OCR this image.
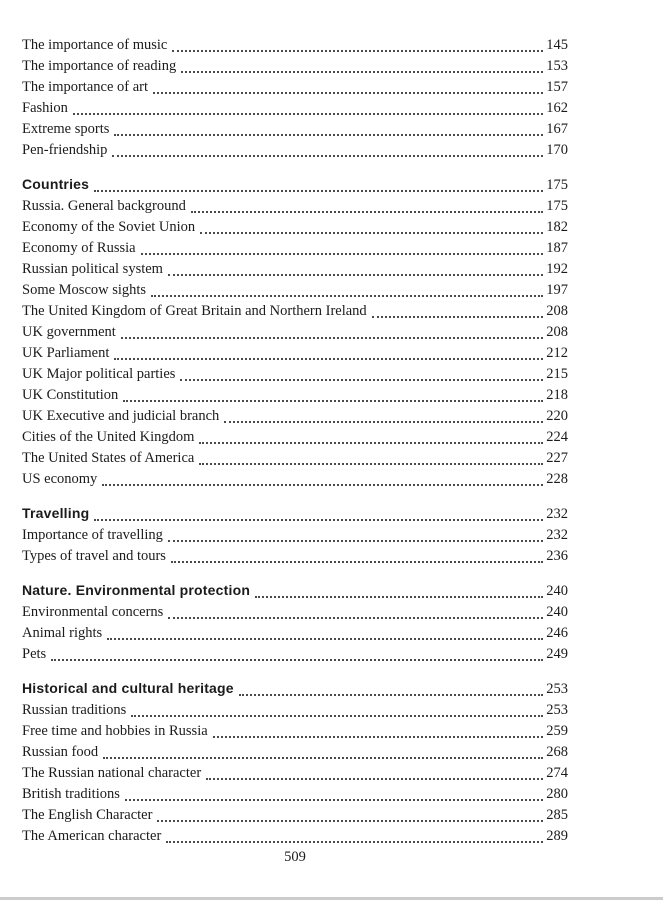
The importance of music	145
The importance of reading	153
The importance of art	157
Fashion	162
Extreme sports	167
Pen-friendship	170
Countries	175
Russia. General background	175
Economy of the Soviet Union	182
Economy of Russia	187
Russian political system	192
Some Moscow sights	197
The United Kingdom of Great Britain and Northern Ireland	208
UK government	208
UK Parliament	212
UK Major political parties	215
UK Constitution	218
UK Executive and judicial branch	220
Cities of the United Kingdom	224
The United States of America	227
US economy	228
Travelling	232
Importance of travelling	232
Types of travel and tours	236
Nature. Environmental protection	240
Environmental concerns	240
Animal rights	246
Pets	249
Historical and cultural heritage	253
Russian traditions	253
Free time and hobbies in Russia	259
Russian food	268
The Russian national character	274
British traditions	280
The English Character	285
The American character	289
509
